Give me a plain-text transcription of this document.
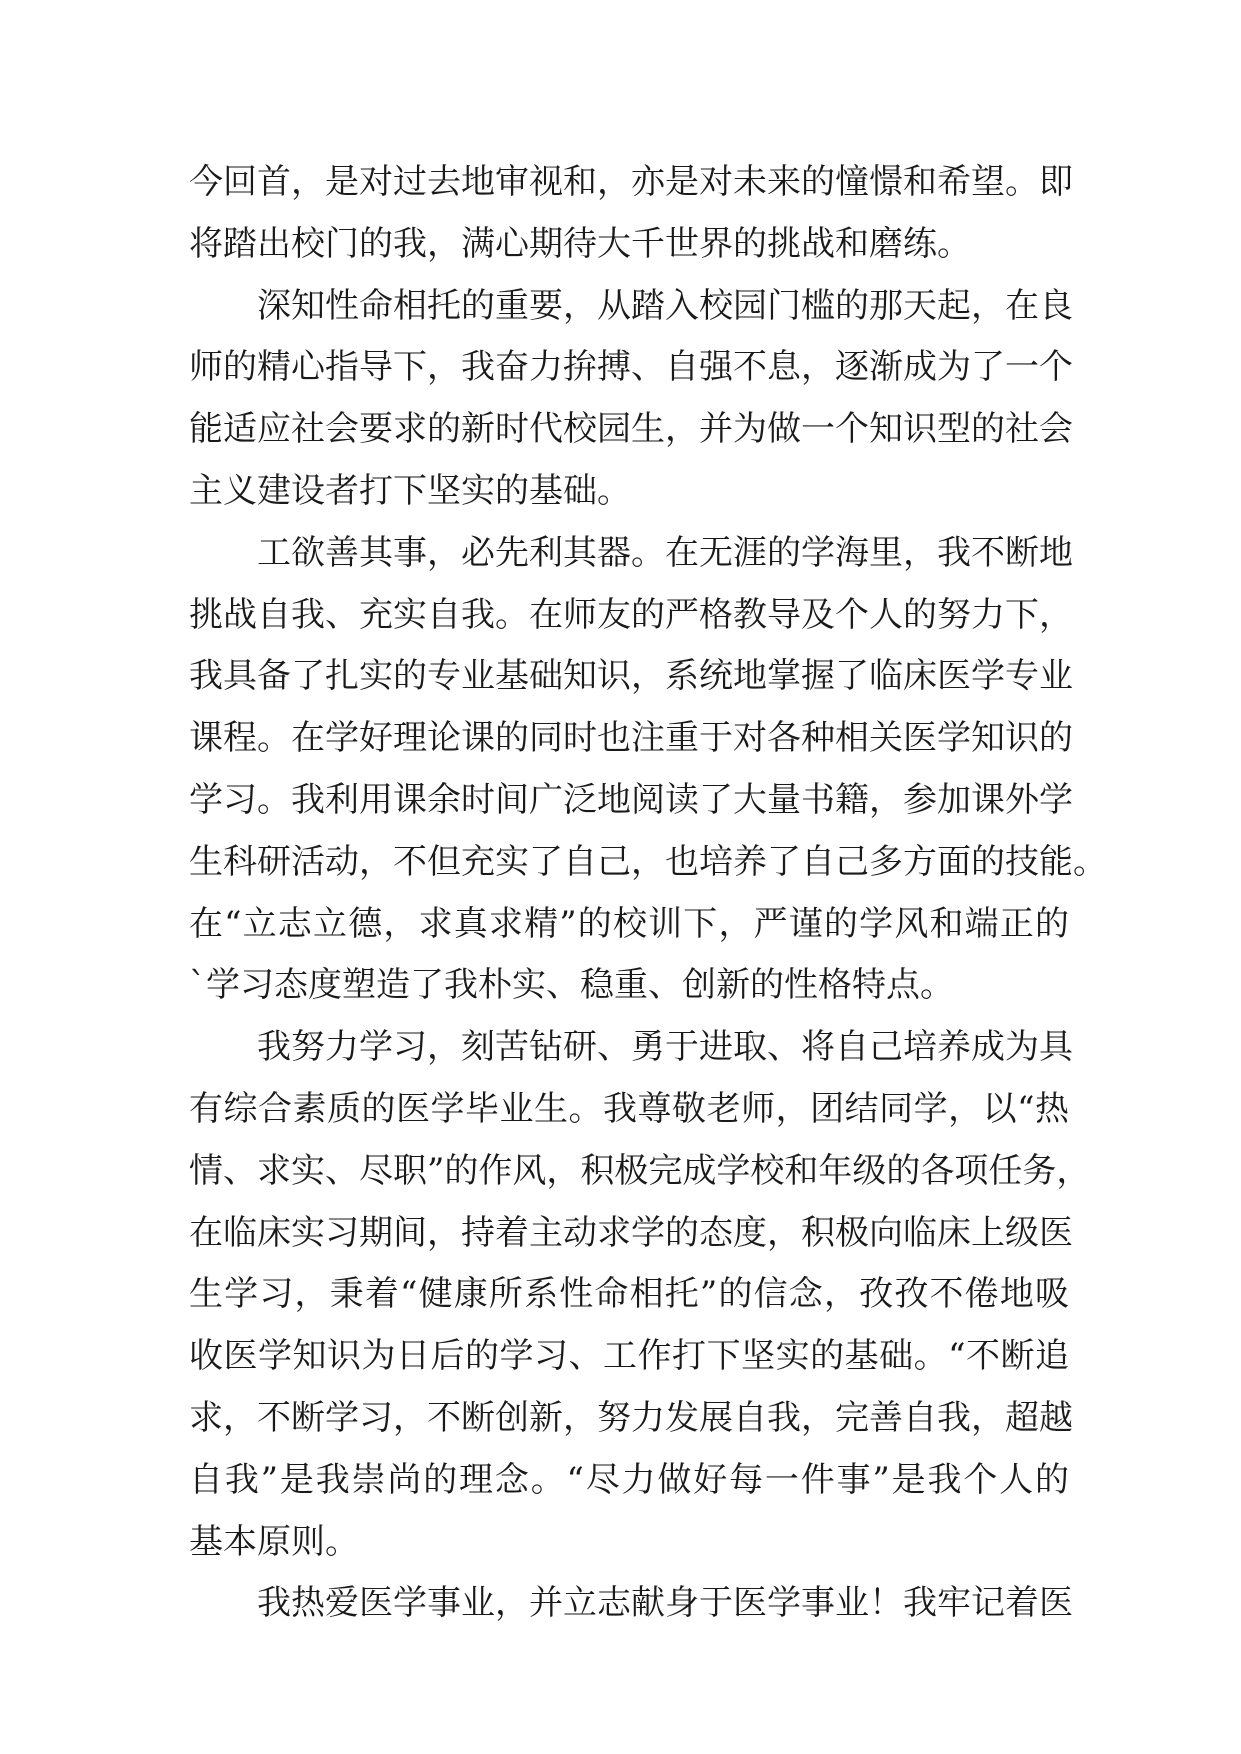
今回首，是对过去地审视和，亦是对未来的憧憬和希望。即
将踏出校门的我，满心期待大千世界的挑战和磨练。
深知性命相托的重要，从踏入校园门槛的那天起，在良
师的精心指导下，我奋力拚搏、自强不息，逐渐成为了一个
能适应社会要求的新时代校园生，并为做一个知识型的社会
主义建设者打下坚实的基础。
工欲善其事，必先利其器。在无涯的学海里，我不断地
挑战自我、充实自我。在师友的严格教导及个人的努力下，
我具备了扎实的专业基础知识，系统地掌握了临床医学专业
课程。在学好理论课的同时也注重于对各种相关医学知识的
学习。我利用课余时间广泛地阅读了大量书籍，参加课外学
生科研活动，不但充实了自己，也培养了自己多方面的技能。
在“立志立德，求真求精”的校训下，严谨的学风和端正的
`学习态度塑造了我朴实、稳重、创新的性格特点。
我努力学习，刻苦钻研、勇于进取、将自己培养成为具
有综合素质的医学毕业生。我尊敬老师，团结同学，以“热
情、求实、尽职”的作风，积极完成学校和年级的各项任务，
在临床实习期间，持着主动求学的态度，积极向临床上级医
生学习，秉着“健康所系性命相托”的信念，孜孜不倦地吸
收医学知识为日后的学习、工作打下坚实的基础。“不断追
求，不断学习，不断创新，努力发展自我，完善自我，超越
自我”是我崇尚的理念。“尽力做好每一件事”是我个人的
基本原则。
我热爱医学事业，并立志献身于医学事业！我牢记着医
